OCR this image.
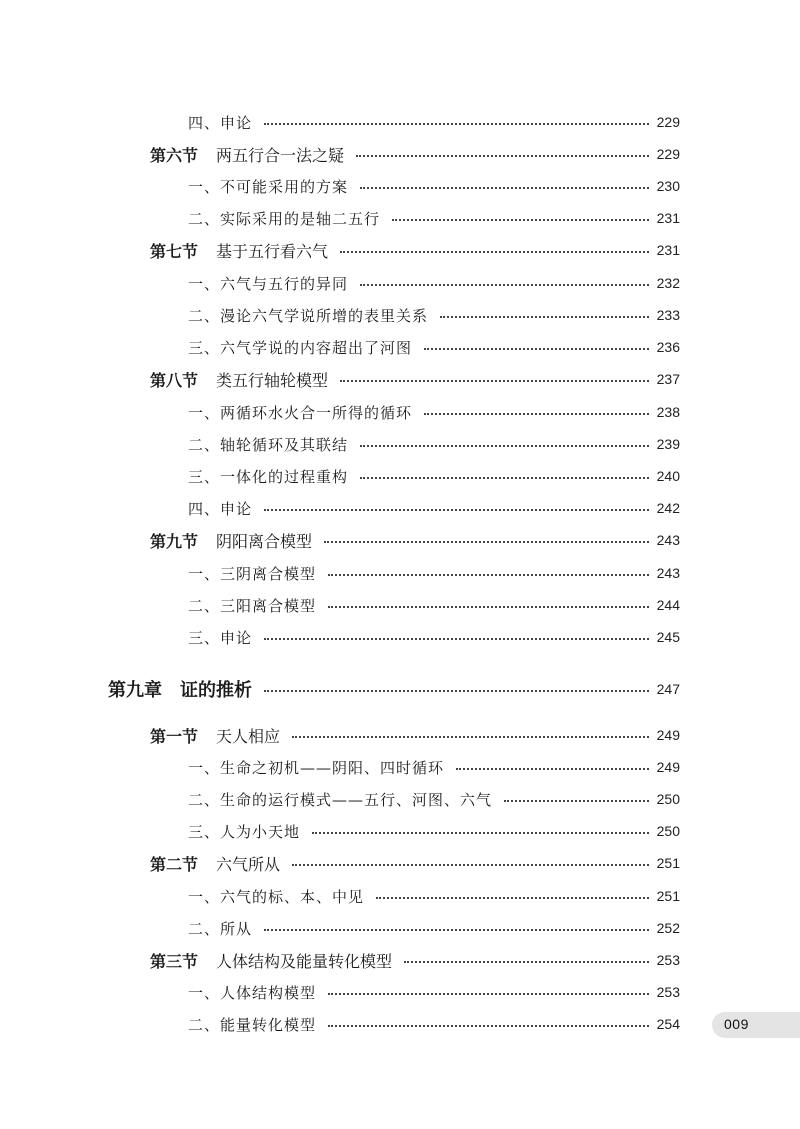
四、申论	229
第六节 两五行合一法之疑	229
一、不可能采用的方案	230
二、实际采用的是轴二五行	231
第七节 基于五行看六气	231
一、六气与五行的异同	232
二、漫论六气学说所增的表里关系	233
三、六气学说的内容超出了河图	236
第八节 类五行轴轮模型	237
一、两循环水火合一所得的循环	238
二、轴轮循环及其联结	239
三、一体化的过程重构	240
四、申论	242
第九节 阴阳离合模型	243
一、三阴离合模型	243
二、三阳离合模型	244
三、申论	245
第九章 证的推析	247
第一节 天人相应	249
一、生命之初机——阴阳、四时循环	249
二、生命的运行模式——五行、河图、六气	250
三、人为小天地	250
第二节 六气所从	251
一、六气的标、本、中见	251
二、所从	252
第三节 人体结构及能量转化模型	253
一、人体结构模型	253
二、能量转化模型	254	009
